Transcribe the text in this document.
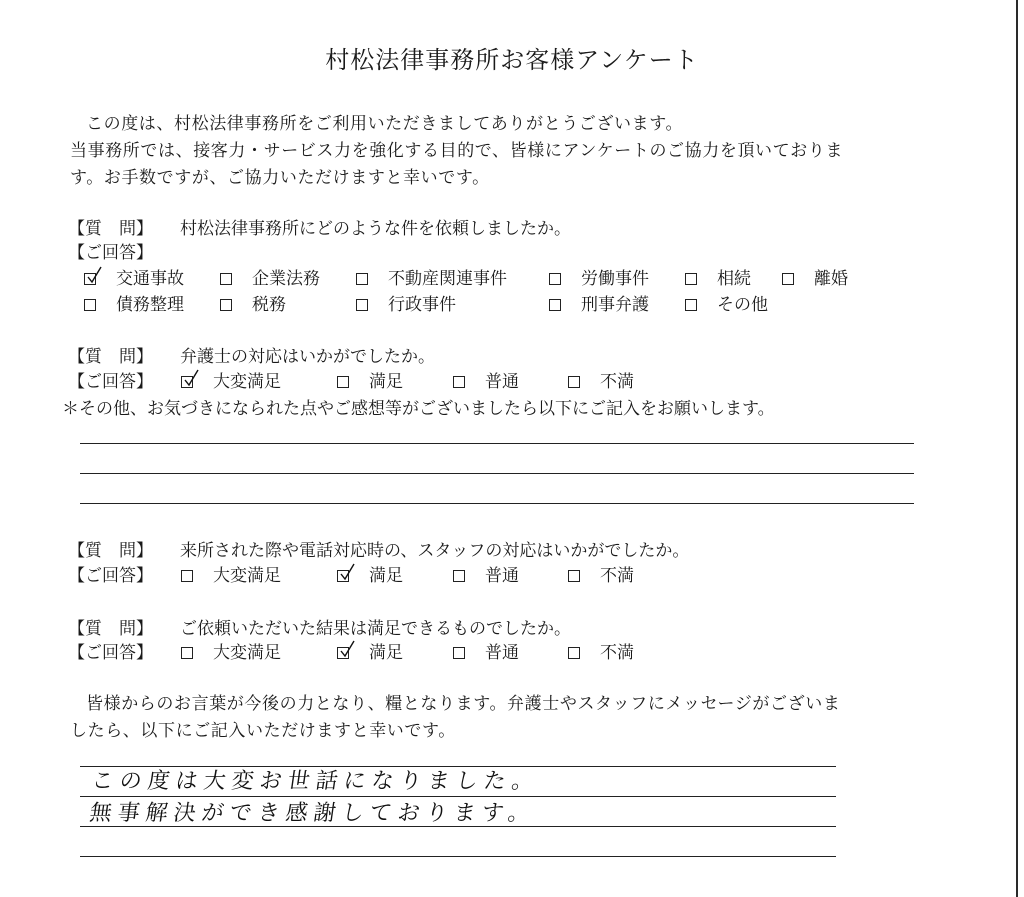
村松法律事務所お客様アンケート
この度は、村松法律事務所をご利用いただきましてありがとうございます。
当事務所では、接客力・サービス力を強化する目的で、皆様にアンケートのご協力を頂いておりま
す。お手数ですが、ご協力いただけますと幸いです。
【質　問】 村松法律事務所にどのような件を依頼しましたか。
【ご回答】
交通事故	企業法務	不動産関連事件	労働事件	相続	離婚
債務整理	税務	行政事件	刑事弁護	その他
【質　問】 弁護士の対応はいかがでしたか。
【ご回答】	大変満足	満足	普通	不満
＊その他、お気づきになられた点やご感想等がございましたら以下にご記入をお願いします。
【質　問】 来所された際や電話対応時の、スタッフの対応はいかがでしたか。
【ご回答】	大変満足	満足	普通	不満
【質　問】 ご依頼いただいた結果は満足できるものでしたか。
【ご回答】	大変満足	満足	普通	不満
皆様からのお言葉が今後の力となり、糧となります。弁護士やスタッフにメッセージがございま
したら、以下にご記入いただけますと幸いです。
この度は大変お世話になりました。
無事解決ができ感謝しております。
